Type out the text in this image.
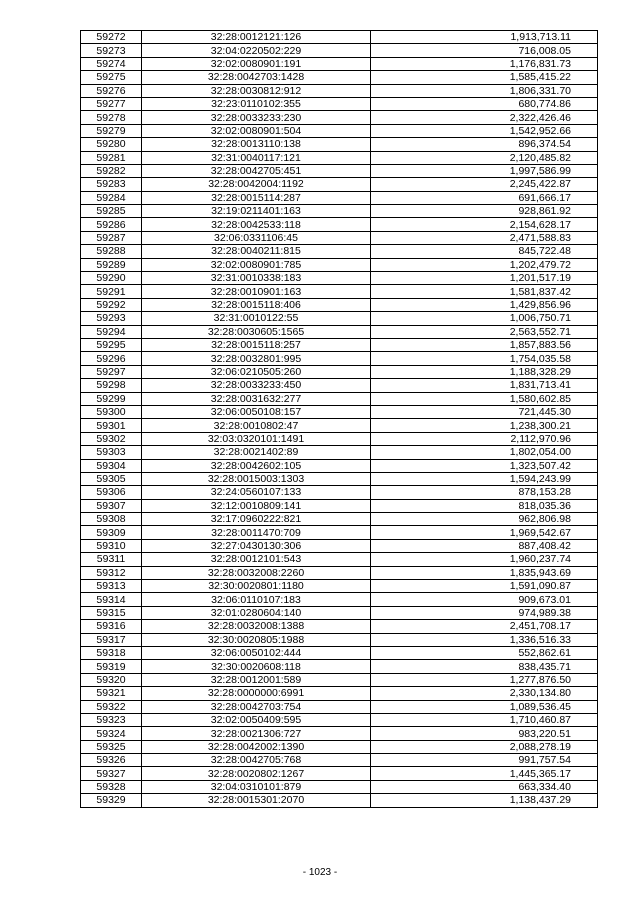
59272	32:28:0012121:126	1,913,713.11
59273	32:04:0220502:229	716,008.05
59274	32:02:0080901:191	1,176,831.73
59275	32:28:0042703:1428	1,585,415.22
59276	32:28:0030812:912	1,806,331.70
59277	32:23:0110102:355	680,774.86
59278	32:28:0033233:230	2,322,426.46
59279	32:02:0080901:504	1,542,952.66
59280	32:28:0013110:138	896,374.54
59281	32:31:0040117:121	2,120,485.82
59282	32:28:0042705:451	1,997,586.99
59283	32:28:0042004:1192	2,245,422.87
59284	32:28:0015114:287	691,666.17
59285	32:19:0211401:163	928,861.92
59286	32:28:0042533:118	2,154,628.17
59287	32:06:0331106:45	2,471,588.83
59288	32:28:0040211:815	845,722.48
59289	32:02:0080901:785	1,202,479.72
59290	32:31:0010338:183	1,201,517.19
59291	32:28:0010901:163	1,581,837.42
59292	32:28:0015118:406	1,429,856.96
59293	32:31:0010122:55	1,006,750.71
59294	32:28:0030605:1565	2,563,552.71
59295	32:28:0015118:257	1,857,883.56
59296	32:28:0032801:995	1,754,035.58
59297	32:06:0210505:260	1,188,328.29
59298	32:28:0033233:450	1,831,713.41
59299	32:28:0031632:277	1,580,602.85
59300	32:06:0050108:157	721,445.30
59301	32:28:0010802:47	1,238,300.21
59302	32:03:0320101:1491	2,112,970.96
59303	32:28:0021402:89	1,802,054.00
59304	32:28:0042602:105	1,323,507.42
59305	32:28:0015003:1303	1,594,243.99
59306	32:24:0560107:133	878,153.28
59307	32:12:0010809:141	818,035.36
59308	32:17:0960222:821	962,806.98
59309	32:28:0011470:709	1,969,542.67
59310	32:27:0430130:306	887,408.42
59311	32:28:0012101:543	1,960,237.74
59312	32:28:0032008:2260	1,835,943.69
59313	32:30:0020801:1180	1,591,090.87
59314	32:06:0110107:183	909,673.01
59315	32:01:0280604:140	974,989.38
59316	32:28:0032008:1388	2,451,708.17
59317	32:30:0020805:1988	1,336,516.33
59318	32:06:0050102:444	552,862.61
59319	32:30:0020608:118	838,435.71
59320	32:28:0012001:589	1,277,876.50
59321	32:28:0000000:6991	2,330,134.80
59322	32:28:0042703:754	1,089,536.45
59323	32:02:0050409:595	1,710,460.87
59324	32:28:0021306:727	983,220.51
59325	32:28:0042002:1390	2,088,278.19
59326	32:28:0042705:768	991,757.54
59327	32:28:0020802:1267	1,445,365.17
59328	32:04:0310101:879	663,334.40
59329	32:28:0015301:2070	1,138,437.29
- 1023 -
